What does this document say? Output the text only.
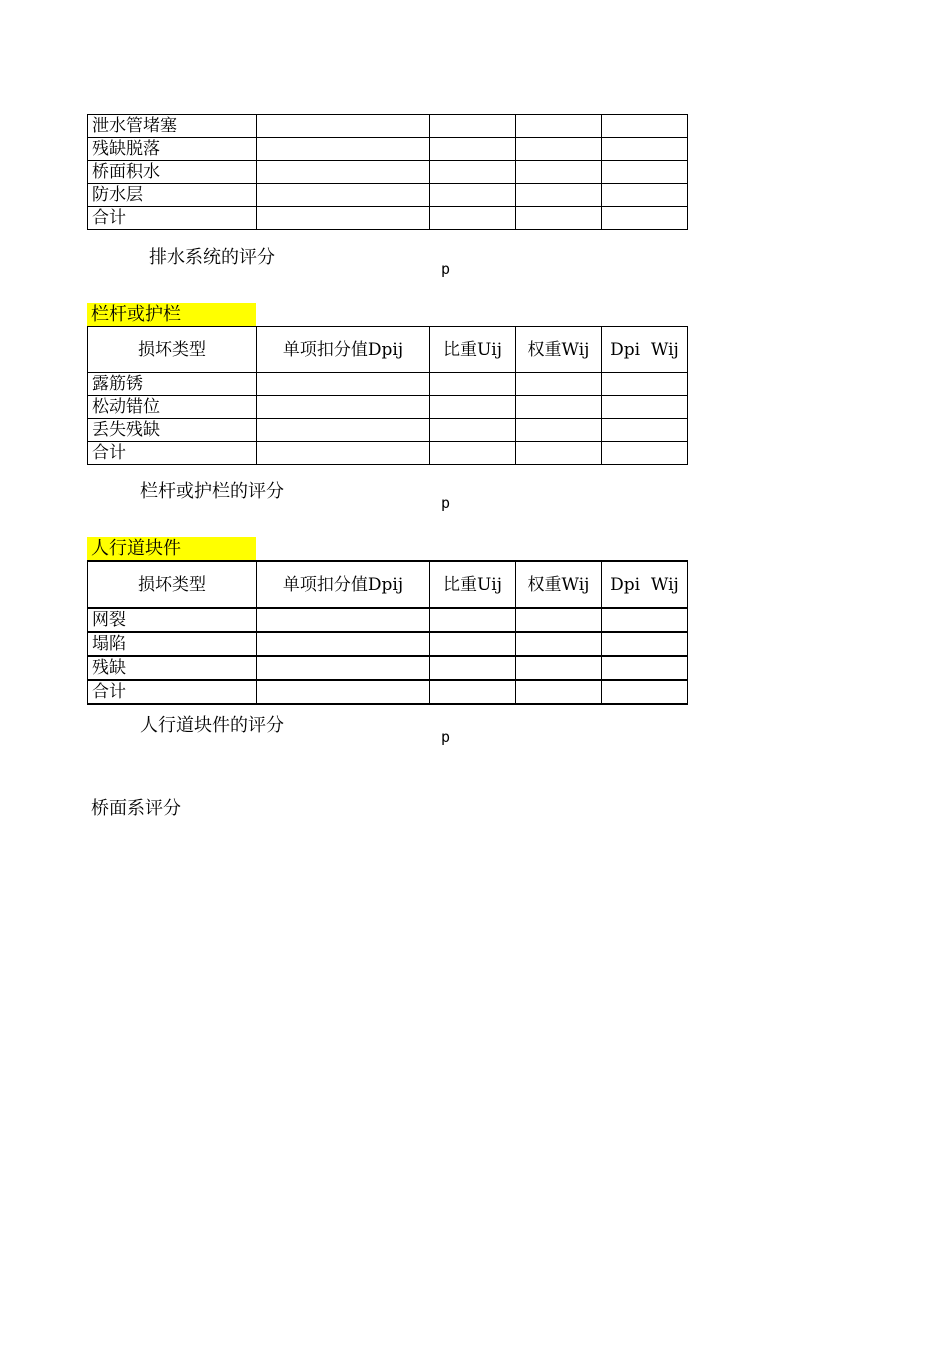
泄水管堵塞				
残缺脱落				
桥面积水				
防水层				
合计				
排水系统的评分
p
栏杆或护栏
损坏类型	单项扣分值Dpij	比重Uij	权重Wij	Dpi  Wij
露筋锈				
松动错位				
丢失残缺				
合计				
栏杆或护栏的评分
p
人行道块件
损坏类型	单项扣分值Dpij	比重Uij	权重Wij	Dpi  Wij
网裂				
塌陷				
残缺				
合计				
人行道块件的评分
p
桥面系评分
